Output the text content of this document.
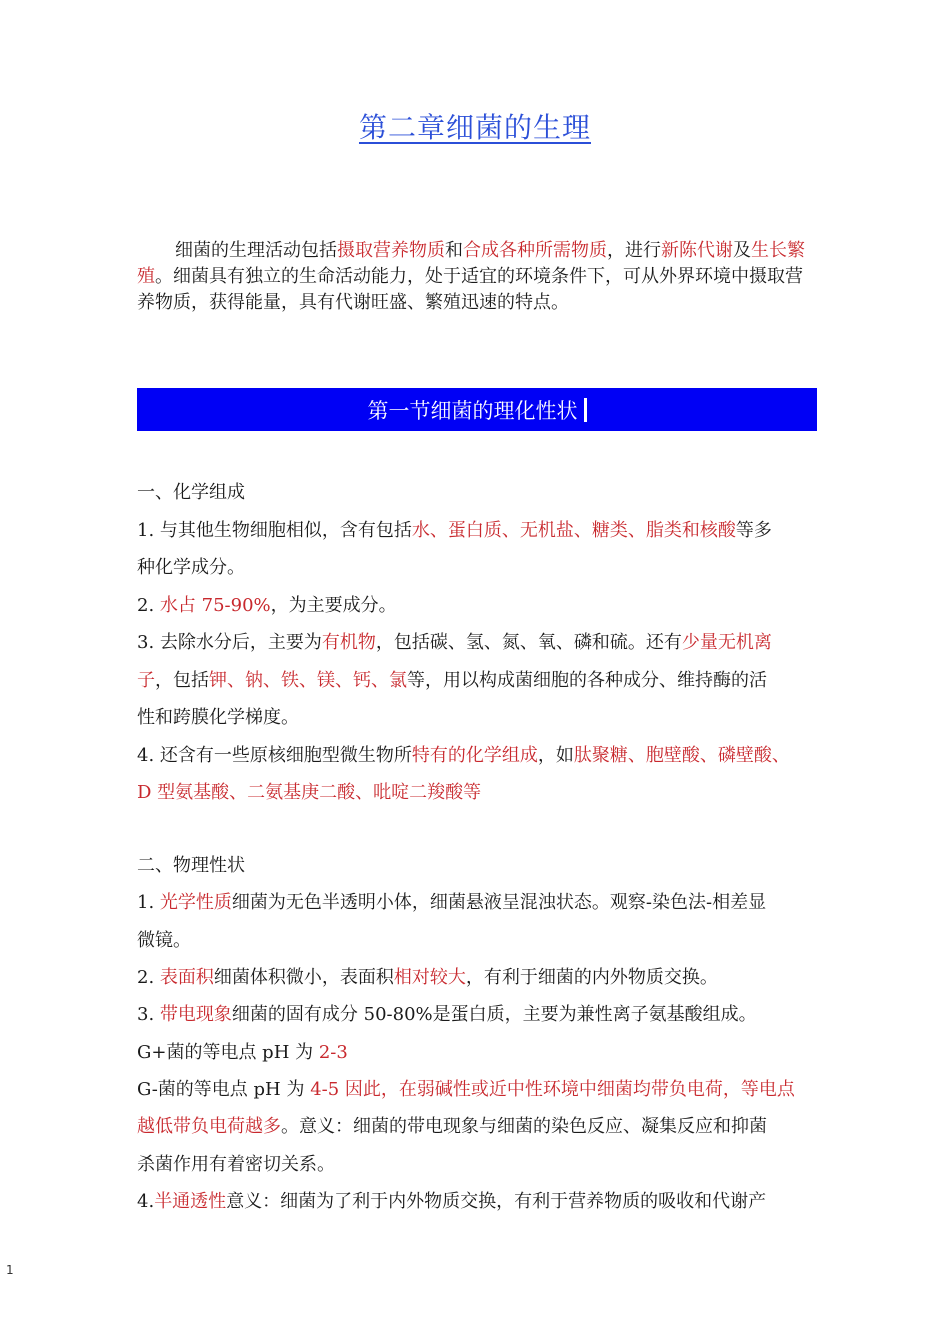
第二章细菌的生理
细菌的生理活动包括摄取营养物质和合成各种所需物质，进行新陈代谢及生长繁殖。细菌具有独立的生命活动能力，处于适宜的环境条件下，可从外界环境中摄取营养物质，获得能量，具有代谢旺盛、繁殖迅速的特点。
第一节细菌的理化性状
一、化学组成
1. 与其他生物细胞相似，含有包括水、蛋白质、无机盐、糖类、脂类和核酸等多
种化学成分。
2. 水占 75-90%，为主要成分。
3. 去除水分后，主要为有机物，包括碳、氢、氮、氧、磷和硫。还有少量无机离
子，包括钾、钠、铁、镁、钙、氯等，用以构成菌细胞的各种成分、维持酶的活
性和跨膜化学梯度。
4. 还含有一些原核细胞型微生物所特有的化学组成，如肽聚糖、胞壁酸、磷壁酸、
D 型氨基酸、二氨基庚二酸、吡啶二羧酸等
二、物理性状
1. 光学性质细菌为无色半透明小体，细菌悬液呈混浊状态。观察-染色法-相差显
微镜。
2. 表面积细菌体积微小，表面积相对较大，有利于细菌的内外物质交换。
3. 带电现象细菌的固有成分 50-80%是蛋白质，主要为兼性离子氨基酸组成。
G+菌的等电点 pH 为 2-3
G-菌的等电点 pH 为 4-5 因此，在弱碱性或近中性环境中细菌均带负电荷，等电点
越低带负电荷越多。意义：细菌的带电现象与细菌的染色反应、凝集反应和抑菌
杀菌作用有着密切关系。
4.半通透性意义：细菌为了利于内外物质交换，有利于营养物质的吸收和代谢产
1
